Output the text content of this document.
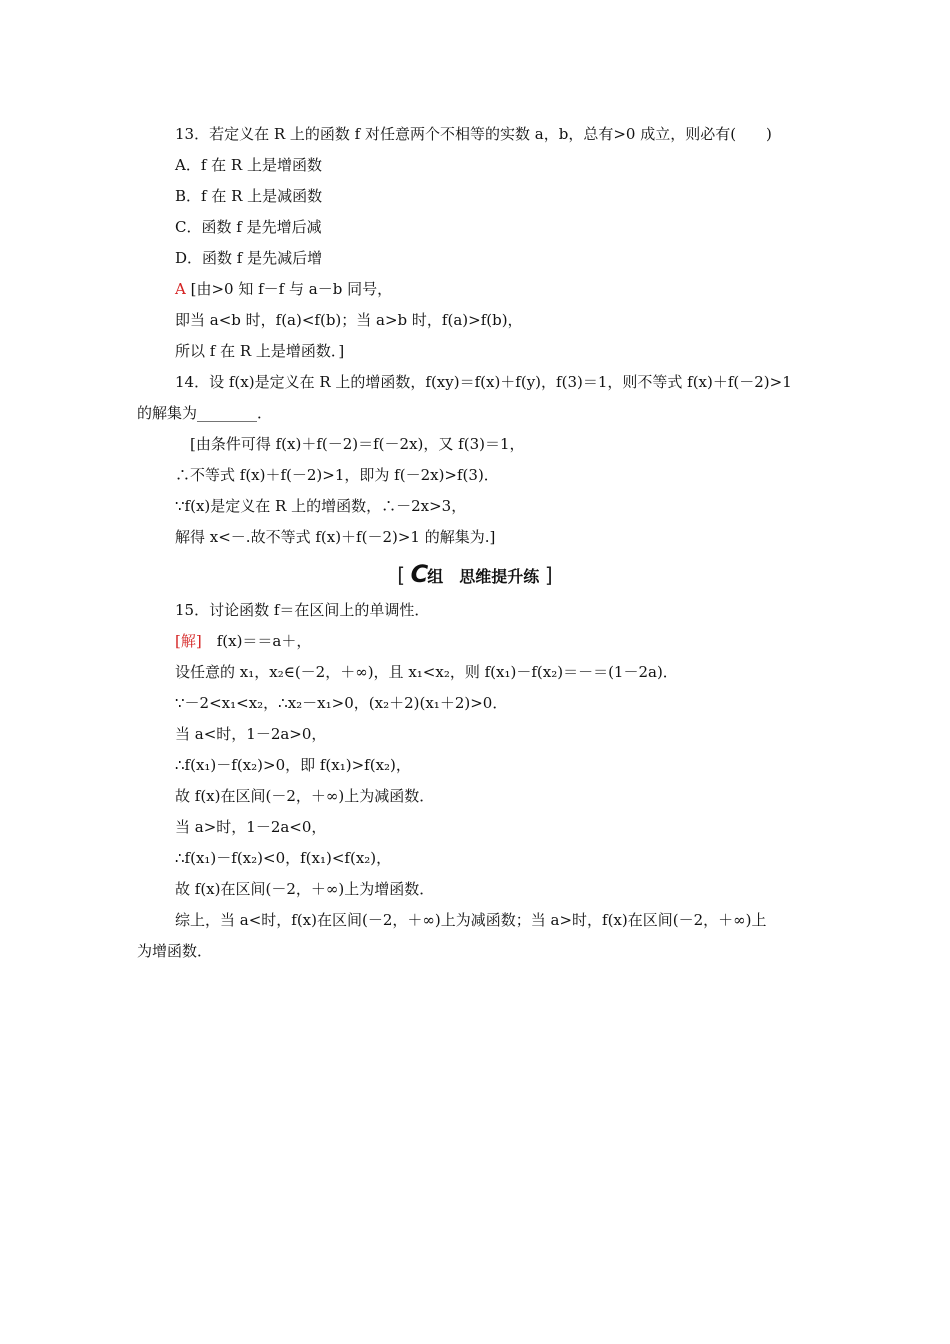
[ C组　思维提升练 ]
13．若定义在 R 上的函数 f 对任意两个不相等的实数 a，b，总有>0 成立，则必有(　　)
A．f 在 R 上是增函数
B．f 在 R 上是减函数
C．函数 f 是先增后减
D．函数 f 是先减后增
A [由>0 知 f－f 与 a－b 同号，
即当 a<b 时，f(a)<f(b)；当 a>b 时，f(a)>f(b)，
所以 f 在 R 上是增函数．]
14．设 f(x)是定义在 R 上的增函数，f(xy)＝f(x)＋f(y)，f(3)＝1，则不等式 f(x)＋f(－2)>1
的解集为________．
[由条件可得 f(x)＋f(－2)＝f(－2x)，又 f(3)＝1，
∴不等式 f(x)＋f(－2)>1，即为 f(－2x)>f(3)．
∵f(x)是定义在 R 上的增函数，∴－2x>3，
解得 x<－.故不等式 f(x)＋f(－2)>1 的解集为.]
15．讨论函数 f＝在区间上的单调性．
[解]　f(x)＝＝a＋，
设任意的 x₁，x₂∈(－2，＋∞)，且 x₁<x₂，则 f(x₁)－f(x₂)＝－＝(1－2a)．
∵－2<x₁<x₂，∴x₂－x₁>0，(x₂＋2)(x₁＋2)>0．
当 a<时，1－2a>0，
∴f(x₁)－f(x₂)>0，即 f(x₁)>f(x₂)，
故 f(x)在区间(－2，＋∞)上为减函数．
当 a>时，1－2a<0，
∴f(x₁)－f(x₂)<0，f(x₁)<f(x₂)，
故 f(x)在区间(－2，＋∞)上为增函数．
综上，当 a<时，f(x)在区间(－2，＋∞)上为减函数；当 a>时，f(x)在区间(－2，＋∞)上
为增函数．
